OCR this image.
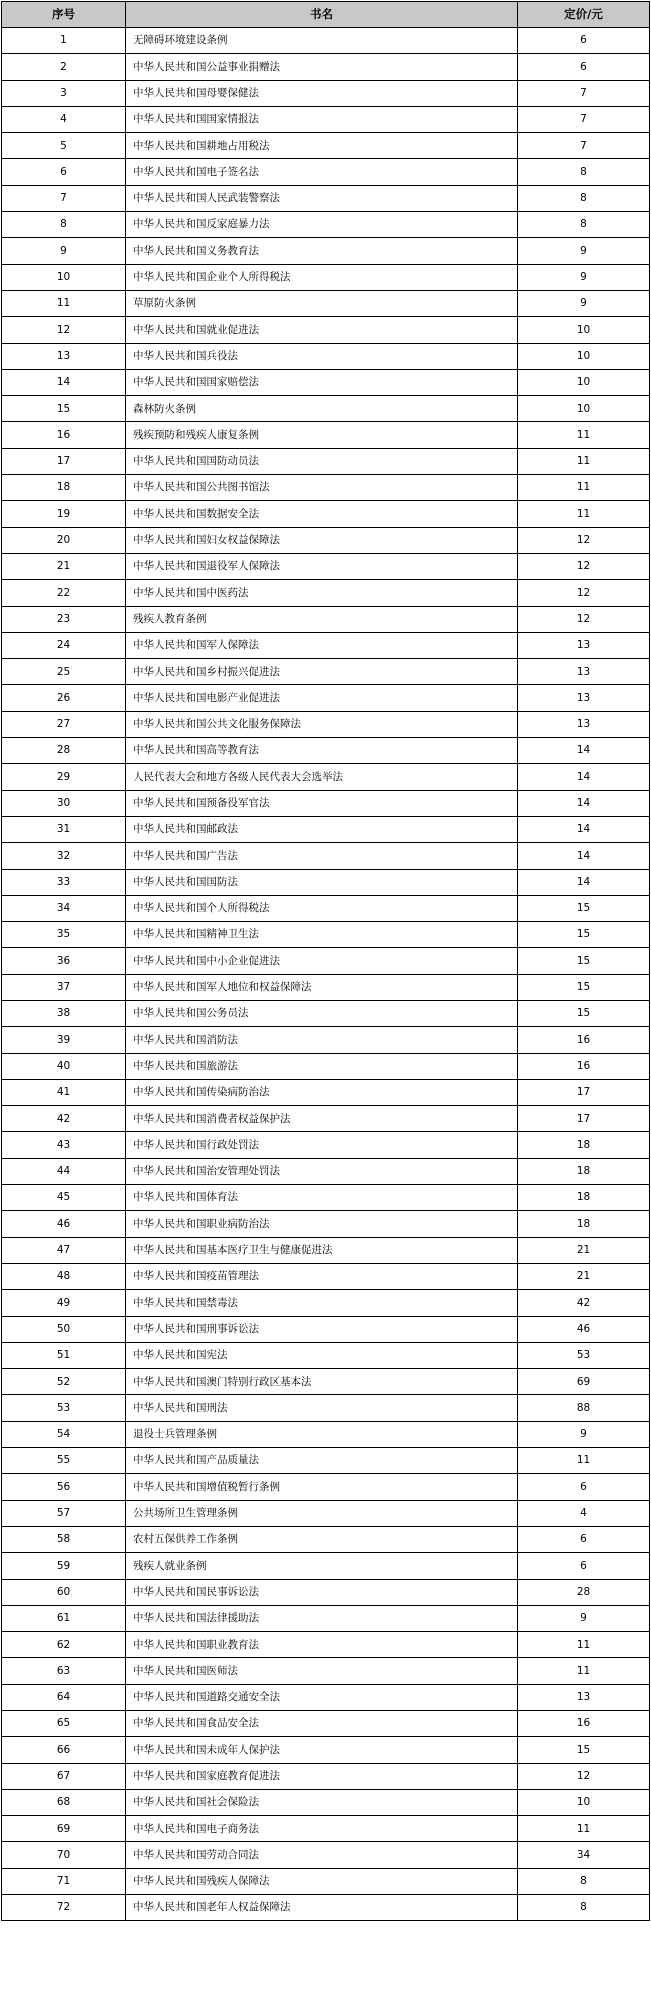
序号	书名	定价/元
1	无障碍环境建设条例	6
2	中华人民共和国公益事业捐赠法	6
3	中华人民共和国母婴保健法	7
4	中华人民共和国国家情报法	7
5	中华人民共和国耕地占用税法	7
6	中华人民共和国电子签名法	8
7	中华人民共和国人民武装警察法	8
8	中华人民共和国反家庭暴力法	8
9	中华人民共和国义务教育法	9
10	中华人民共和国企业个人所得税法	9
11	草原防火条例	9
12	中华人民共和国就业促进法	10
13	中华人民共和国兵役法	10
14	中华人民共和国国家赔偿法	10
15	森林防火条例	10
16	残疾预防和残疾人康复条例	11
17	中华人民共和国国防动员法	11
18	中华人民共和国公共图书馆法	11
19	中华人民共和国数据安全法	11
20	中华人民共和国妇女权益保障法	12
21	中华人民共和国退役军人保障法	12
22	中华人民共和国中医药法	12
23	残疾人教育条例	12
24	中华人民共和国军人保障法	13
25	中华人民共和国乡村振兴促进法	13
26	中华人民共和国电影产业促进法	13
27	中华人民共和国公共文化服务保障法	13
28	中华人民共和国高等教育法	14
29	人民代表大会和地方各级人民代表大会选举法	14
30	中华人民共和国预备役军官法	14
31	中华人民共和国邮政法	14
32	中华人民共和国广告法	14
33	中华人民共和国国防法	14
34	中华人民共和国个人所得税法	15
35	中华人民共和国精神卫生法	15
36	中华人民共和国中小企业促进法	15
37	中华人民共和国军人地位和权益保障法	15
38	中华人民共和国公务员法	15
39	中华人民共和国消防法	16
40	中华人民共和国旅游法	16
41	中华人民共和国传染病防治法	17
42	中华人民共和国消费者权益保护法	17
43	中华人民共和国行政处罚法	18
44	中华人民共和国治安管理处罚法	18
45	中华人民共和国体育法	18
46	中华人民共和国职业病防治法	18
47	中华人民共和国基本医疗卫生与健康促进法	21
48	中华人民共和国疫苗管理法	21
49	中华人民共和国禁毒法	42
50	中华人民共和国刑事诉讼法	46
51	中华人民共和国宪法	53
52	中华人民共和国澳门特别行政区基本法	69
53	中华人民共和国刑法	88
54	退役士兵管理条例	9
55	中华人民共和国产品质量法	11
56	中华人民共和国增值税暂行条例	6
57	公共场所卫生管理条例	4
58	农村五保供养工作条例	6
59	残疾人就业条例	6
60	中华人民共和国民事诉讼法	28
61	中华人民共和国法律援助法	9
62	中华人民共和国职业教育法	11
63	中华人民共和国医师法	11
64	中华人民共和国道路交通安全法	13
65	中华人民共和国食品安全法	16
66	中华人民共和国未成年人保护法	15
67	中华人民共和国家庭教育促进法	12
68	中华人民共和国社会保险法	10
69	中华人民共和国电子商务法	11
70	中华人民共和国劳动合同法	34
71	中华人民共和国残疾人保障法	8
72	中华人民共和国老年人权益保障法	8
